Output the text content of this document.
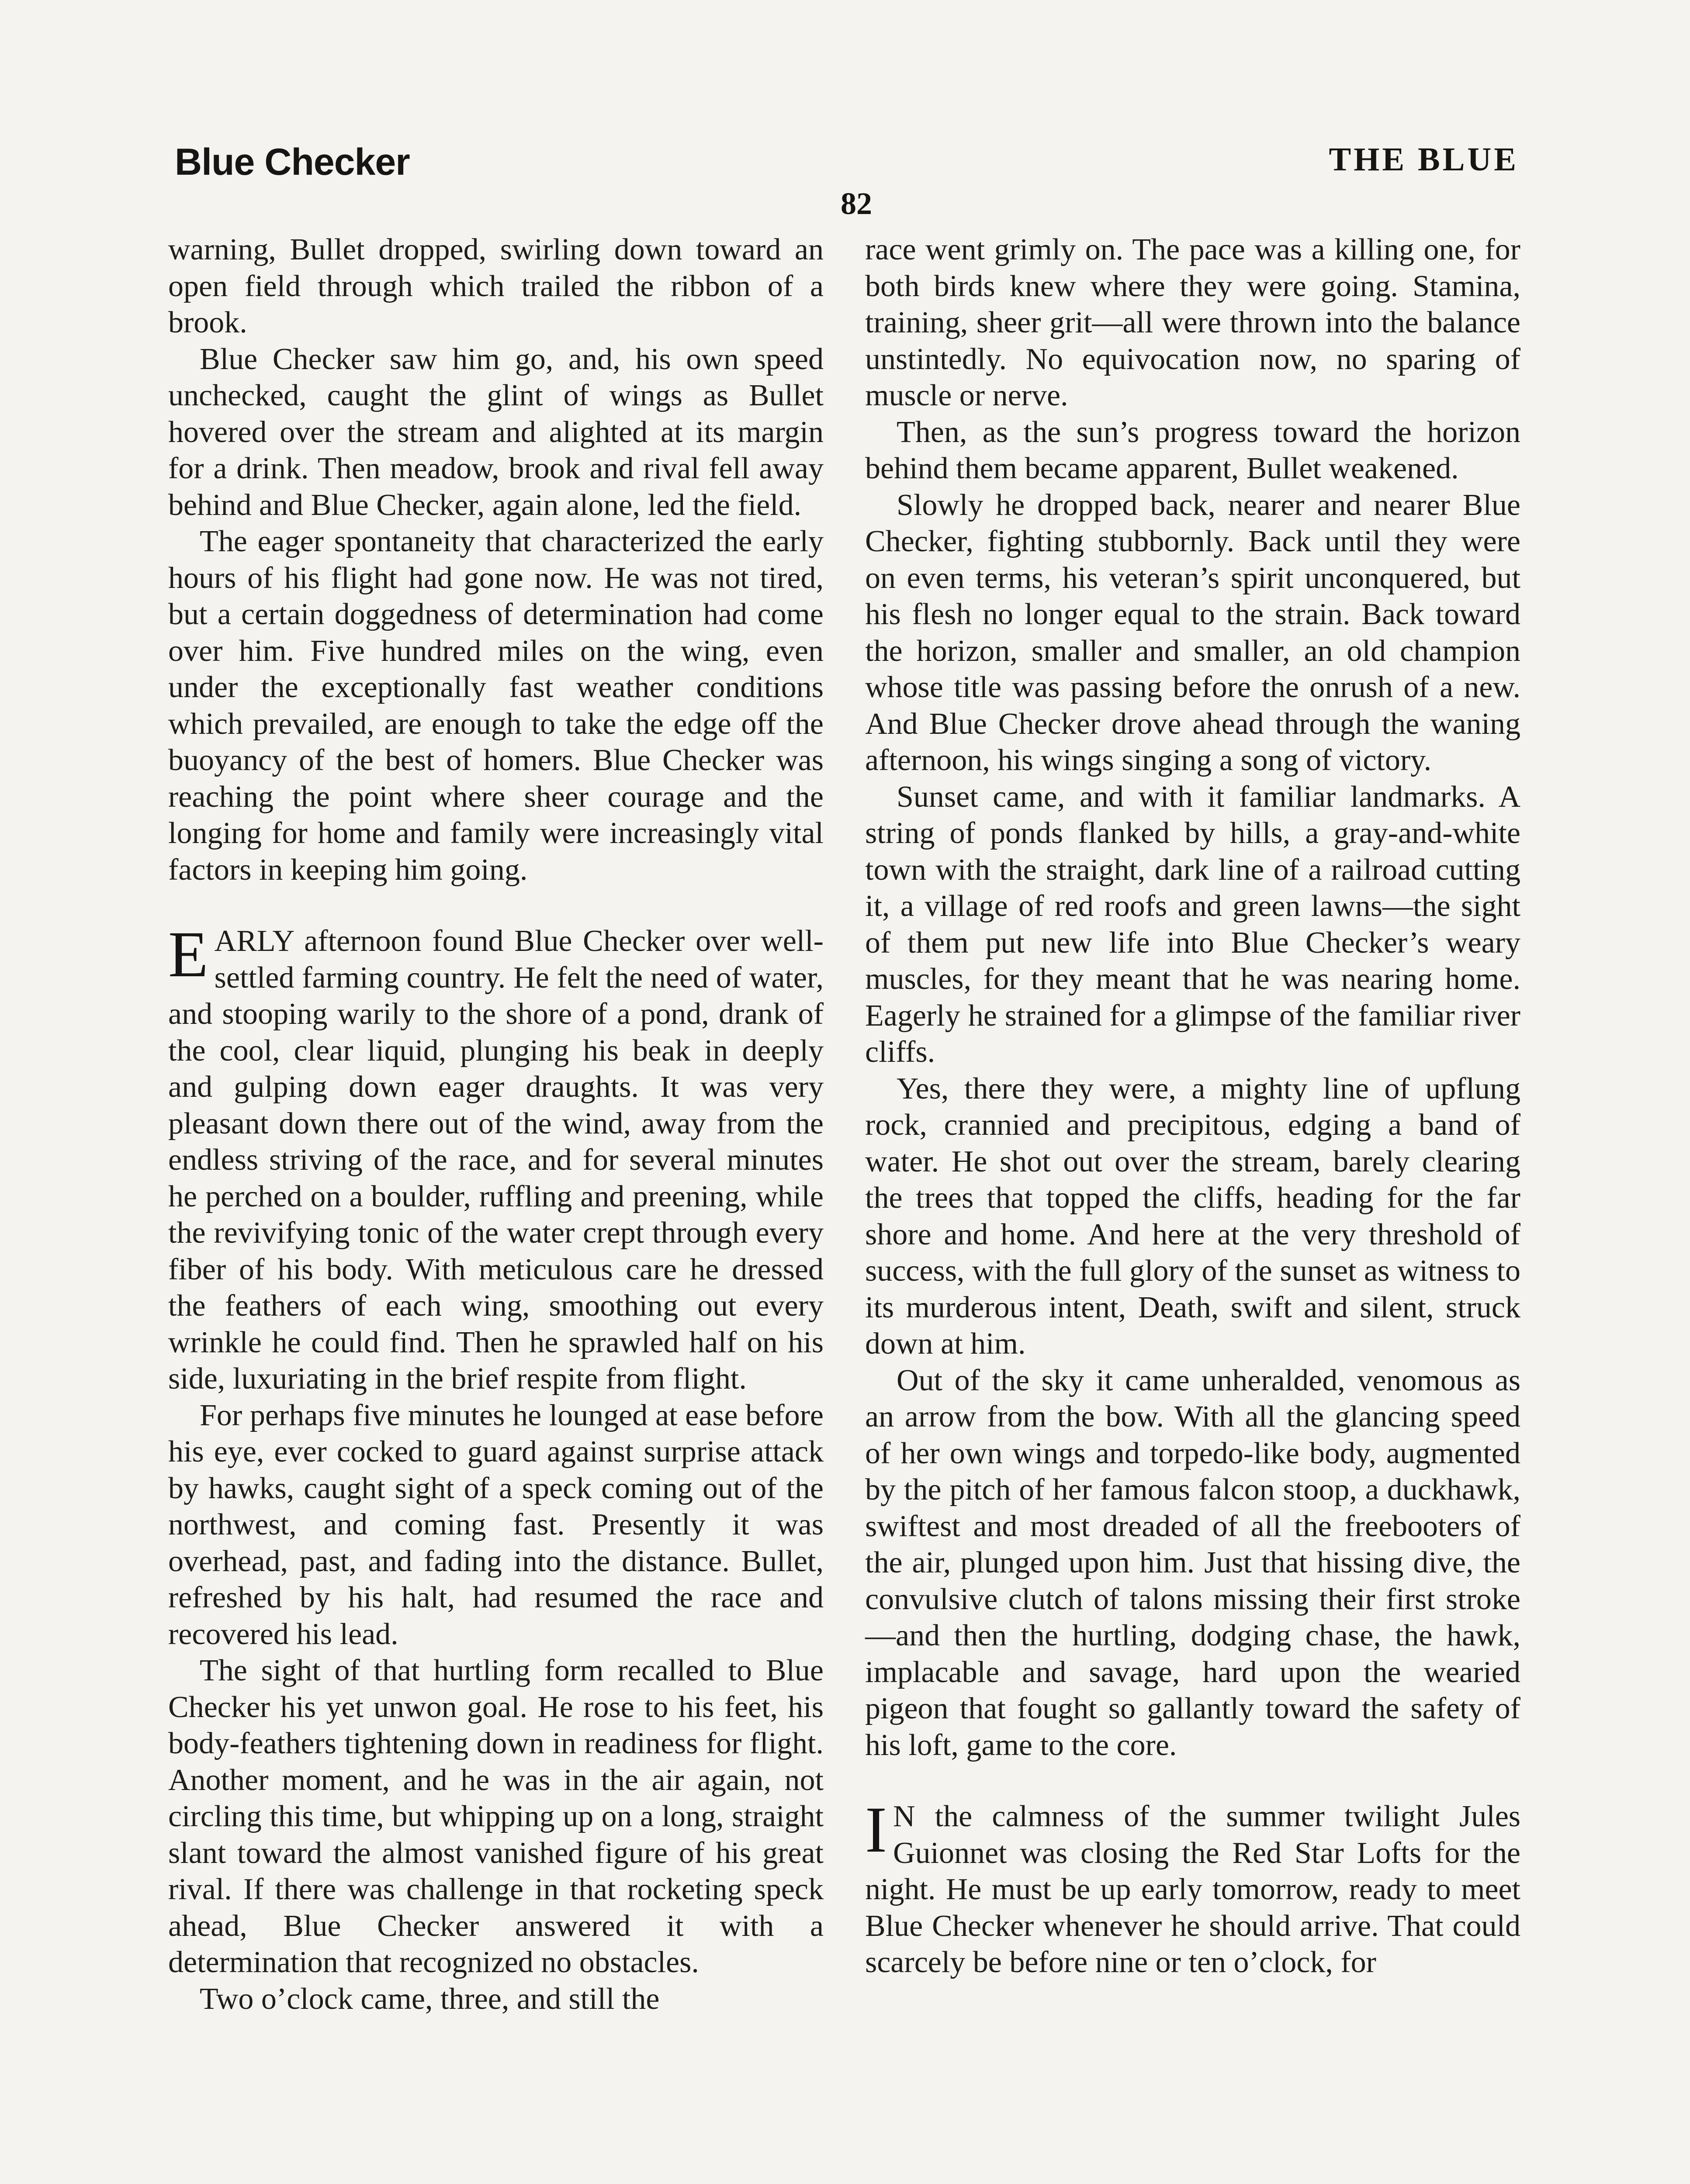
Blue Checker	THE BLUE
82

warning, Bullet dropped, swirling down toward an open field through which trailed the ribbon of a brook.

Blue Checker saw him go, and, his own speed unchecked, caught the glint of wings as Bullet hovered over the stream and alighted at its margin for a drink. Then meadow, brook and rival fell away behind and Blue Checker, again alone, led the field.

The eager spontaneity that characterized the early hours of his flight had gone now. He was not tired, but a certain doggedness of determination had come over him. Five hundred miles on the wing, even under the exceptionally fast weather conditions which prevailed, are enough to take the edge off the buoyancy of the best of homers. Blue Checker was reaching the point where sheer courage and the longing for home and family were increasingly vital factors in keeping him going.

EARLY afternoon found Blue Checker over well-settled farming country. He felt the need of water, and stooping warily to the shore of a pond, drank of the cool, clear liquid, plunging his beak in deeply and gulping down eager draughts. It was very pleasant down there out of the wind, away from the endless striving of the race, and for several minutes he perched on a boulder, ruffling and preening, while the revivifying tonic of the water crept through every fiber of his body. With meticulous care he dressed the feathers of each wing, smoothing out every wrinkle he could find. Then he sprawled half on his side, luxuriating in the brief respite from flight.

For perhaps five minutes he lounged at ease before his eye, ever cocked to guard against surprise attack by hawks, caught sight of a speck coming out of the northwest, and coming fast. Presently it was overhead, past, and fading into the distance. Bullet, refreshed by his halt, had resumed the race and recovered his lead.

The sight of that hurtling form recalled to Blue Checker his yet unwon goal. He rose to his feet, his body-feathers tightening down in readiness for flight. Another moment, and he was in the air again, not circling this time, but whipping up on a long, straight slant toward the almost vanished figure of his great rival. If there was challenge in that rocketing speck ahead, Blue Checker answered it with a determination that recognized no obstacles.

Two o’clock came, three, and still the

race went grimly on. The pace was a killing one, for both birds knew where they were going. Stamina, training, sheer grit—all were thrown into the balance unstintedly. No equivocation now, no sparing of muscle or nerve.

Then, as the sun’s progress toward the horizon behind them became apparent, Bullet weakened.

Slowly he dropped back, nearer and nearer Blue Checker, fighting stubbornly. Back until they were on even terms, his veteran’s spirit unconquered, but his flesh no longer equal to the strain. Back toward the horizon, smaller and smaller, an old champion whose title was passing before the onrush of a new. And Blue Checker drove ahead through the waning afternoon, his wings singing a song of victory.

Sunset came, and with it familiar landmarks. A string of ponds flanked by hills, a gray-and-white town with the straight, dark line of a railroad cutting it, a village of red roofs and green lawns—the sight of them put new life into Blue Checker’s weary muscles, for they meant that he was nearing home. Eagerly he strained for a glimpse of the familiar river cliffs.

Yes, there they were, a mighty line of upflung rock, crannied and precipitous, edging a band of water. He shot out over the stream, barely clearing the trees that topped the cliffs, heading for the far shore and home. And here at the very threshold of success, with the full glory of the sunset as witness to its murderous intent, Death, swift and silent, struck down at him.

Out of the sky it came unheralded, venomous as an arrow from the bow. With all the glancing speed of her own wings and torpedo-like body, augmented by the pitch of her famous falcon stoop, a duckhawk, swiftest and most dreaded of all the freebooters of the air, plunged upon him. Just that hissing dive, the convulsive clutch of talons missing their first stroke—and then the hurtling, dodging chase, the hawk, implacable and savage, hard upon the wearied pigeon that fought so gallantly toward the safety of his loft, game to the core.

I N the calmness of the summer twilight Jules Guionnet was closing the Red Star Lofts for the night. He must be up early tomorrow, ready to meet Blue Checker whenever he should arrive. That could scarcely be before nine or ten o’clock, for
